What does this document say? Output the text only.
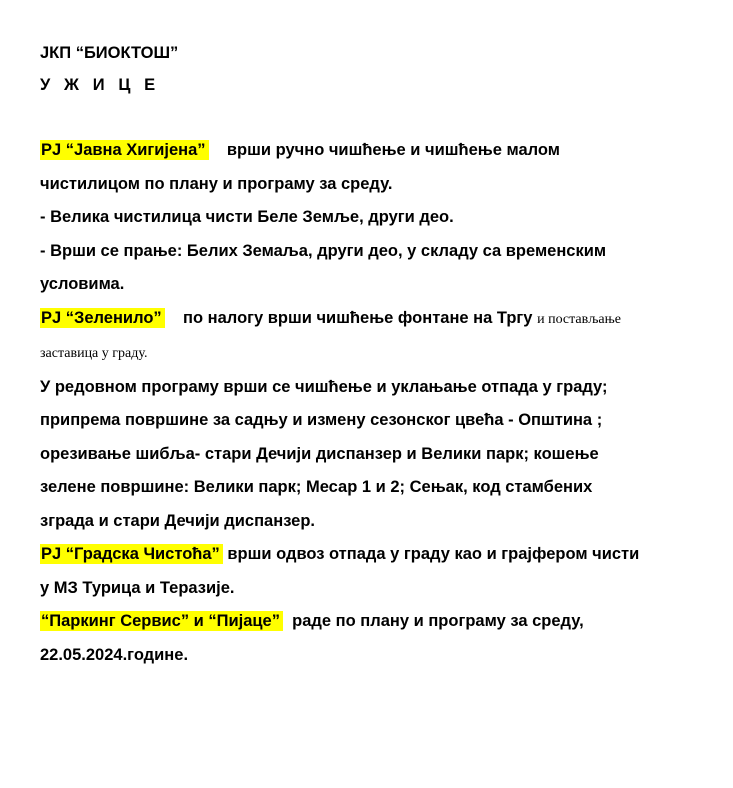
ЈКП “БИОКТОШ”

У Ж И Ц Е

PJ “Јавна Хигијена” врши ручно чишћење и чишћење малом

чистилицом по плану и програму за среду.

- Велика чистилица чисти Беле Земље, други део.

- Врши се прање: Белих Земаља, други део, у складу са временским

условима.

PJ “Зеленило” по налогу врши чишћење фонтане на Тргу и постављање

заставица у граду.

У редовном програму врши се чишћење и уклањање отпада у граду;

припрема површине за садњу и измену сезонског цвећа - Општина ;

орезивање шибља- стари Дечији диспанзер и Велики парк; кошење

зелене површине: Велики парк; Месар 1 и 2; Сењак, код стамбених

зграда и стари Дечији диспанзер.

PJ “Градска Чистоћа” врши одвоз отпада у граду као и грајфером чисти

у МЗ Турица и Теразије.

“Паркинг Сервис” и “Пијаце” раде по плану и програму за среду,

22.05.2024.године.
